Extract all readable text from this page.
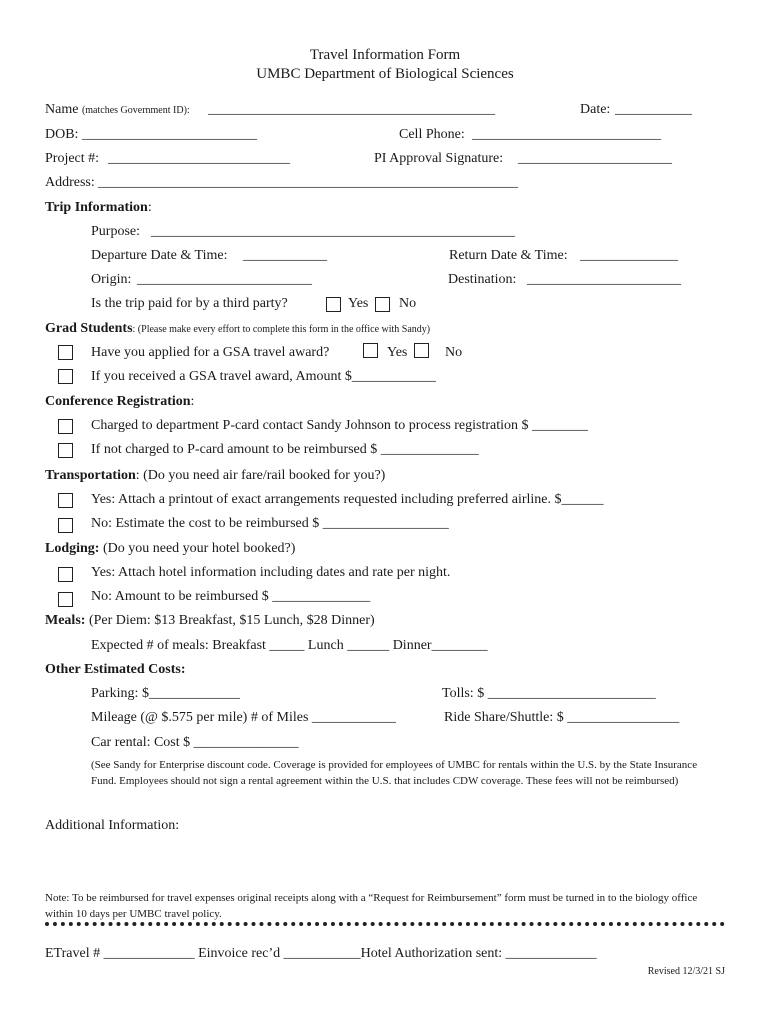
Travel Information Form
UMBC Department of Biological Sciences
Name (matches Government ID): _________________________________________	Date: ___________
DOB: _________________________	Cell Phone: ___________________________
Project #: __________________________	PI Approval Signature: ______________________
Address: ____________________________________________________________
Trip Information:
Purpose: ____________________________________________________
Departure Date & Time: ____________	Return Date & Time: ______________
Origin: _________________________	Destination: ______________________
Is the trip paid for by a third party?	Yes No
Grad Students: (Please make every effort to complete this form in the office with Sandy)
Have you applied for a GSA travel award?	Yes	No
If you received a GSA travel award, Amount $____________
Conference Registration:
Charged to department P-card contact Sandy Johnson to process registration $ ________
If not charged to P-card amount to be reimbursed $ ______________
Transportation: (Do you need air fare/rail booked for you?)
Yes: Attach a printout of exact arrangements requested including preferred airline. $______
No: Estimate the cost to be reimbursed $ __________________
Lodging: (Do you need your hotel booked?)
Yes: Attach hotel information including dates and rate per night.
No: Amount to be reimbursed $ ______________
Meals: (Per Diem: $13 Breakfast, $15 Lunch, $28 Dinner)
Expected # of meals: Breakfast _____ Lunch ______ Dinner________
Other Estimated Costs:
Parking: $_____________	Tolls: $ ________________________
Mileage (@ $.575 per mile) # of Miles ____________	Ride Share/Shuttle: $ ________________
Car rental: Cost $ _______________
(See Sandy for Enterprise discount code. Coverage is provided for employees of UMBC for rentals within the U.S. by the State Insurance Fund. Employees should not sign a rental agreement within the U.S. that includes CDW coverage. These fees will not be reimbursed)
Additional Information:
Note: To be reimbursed for travel expenses original receipts along with a “Request for Reimbursement” form must be turned in to the biology office within 10 days per UMBC travel policy.
ETravel # _____________ Einvoice rec’d ___________Hotel Authorization sent: _____________
Revised 12/3/21 SJ
